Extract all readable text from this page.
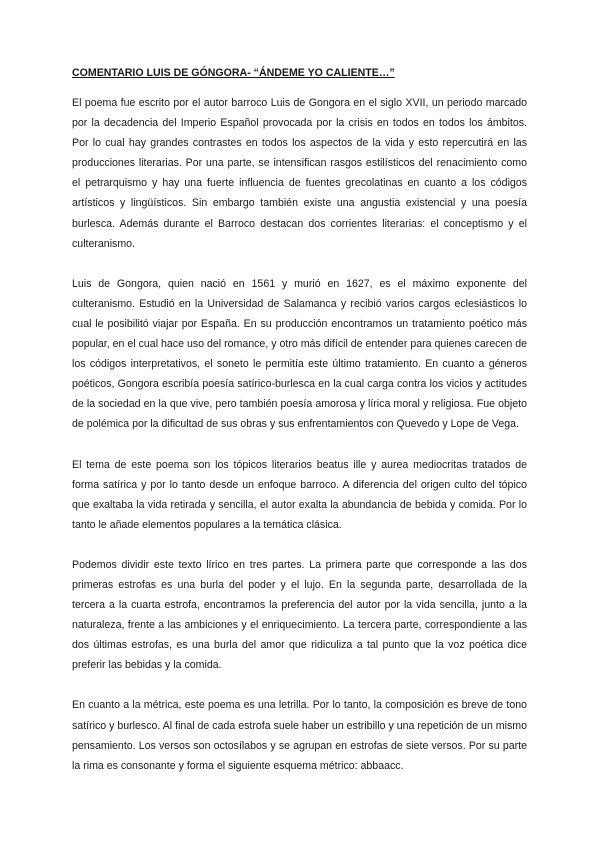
COMENTARIO LUIS DE GÓNGORA- “ÁNDEME YO CALIENTE…”

El poema fue escrito por el autor barroco Luis de Gongora en el siglo XVII, un periodo marcado por la decadencia del Imperio Español provocada por la crisis en todos en todos los ámbitos. Por lo cual hay grandes contrastes en todos los aspectos de la vida y esto repercutirá en las producciones literarias. Por una parte, se intensifican rasgos estilísticos del renacimiento como el petrarquismo y hay una fuerte influencia de fuentes grecolatinas en cuanto a los códigos artísticos y lingüísticos. Sin embargo también existe una angustia existencial y una poesía burlesca. Además durante el Barroco destacan dos corrientes literarias: el conceptismo y el culteranismo.

Luis de Gongora, quien nació en 1561 y murió en 1627, es el máximo exponente del culteranismo. Estudió en la Universidad de Salamanca y recibió varios cargos eclesiásticos lo cual le posibilitó viajar por España. En su producción encontramos un tratamiento poético más popular, en el cual hace uso del romance, y otro más difícil de entender para quienes carecen de los códigos interpretativos, el soneto le permitía este último tratamiento. En cuanto a géneros poéticos, Gongora escribía poesía satírico-burlesca en la cual carga contra los vicios y actitudes de la sociedad en la que vive, pero también poesía amorosa y lírica moral y religiosa. Fue objeto de polémica por la dificultad de sus obras y sus enfrentamientos con Quevedo y Lope de Vega.

El tema de este poema son los tópicos literarios beatus ille y aurea mediocritas tratados de forma satírica y por lo tanto desde un enfoque barroco. A diferencia del origen culto del tópico que exaltaba la vida retirada y sencilla, el autor exalta la abundancia de bebida y comida. Por lo tanto le añade elementos populares a la temática clásica.

Podemos dividir este texto lírico en tres partes. La primera parte que corresponde a las dos primeras estrofas es una burla del poder y el lujo. En la segunda parte, desarrollada de la tercera a la cuarta estrofa, encontramos la preferencia del autor por la vida sencilla, junto a la naturaleza, frente a las ambiciones y el enriquecimiento. La tercera parte, correspondiente a las dos últimas estrofas, es una burla del amor que ridiculiza a tal punto que la voz poética dice preferir las bebidas y la comida.

En cuanto a la métrica, este poema es una letrilla. Por lo tanto, la composición es breve de tono satírico y burlesco. Al final de cada estrofa suele haber un estribillo y una repetición de un mismo pensamiento. Los versos son octosílabos y se agrupan en estrofas de siete versos. Por su parte la rima es consonante y forma el siguiente esquema métrico: abbaacc.
